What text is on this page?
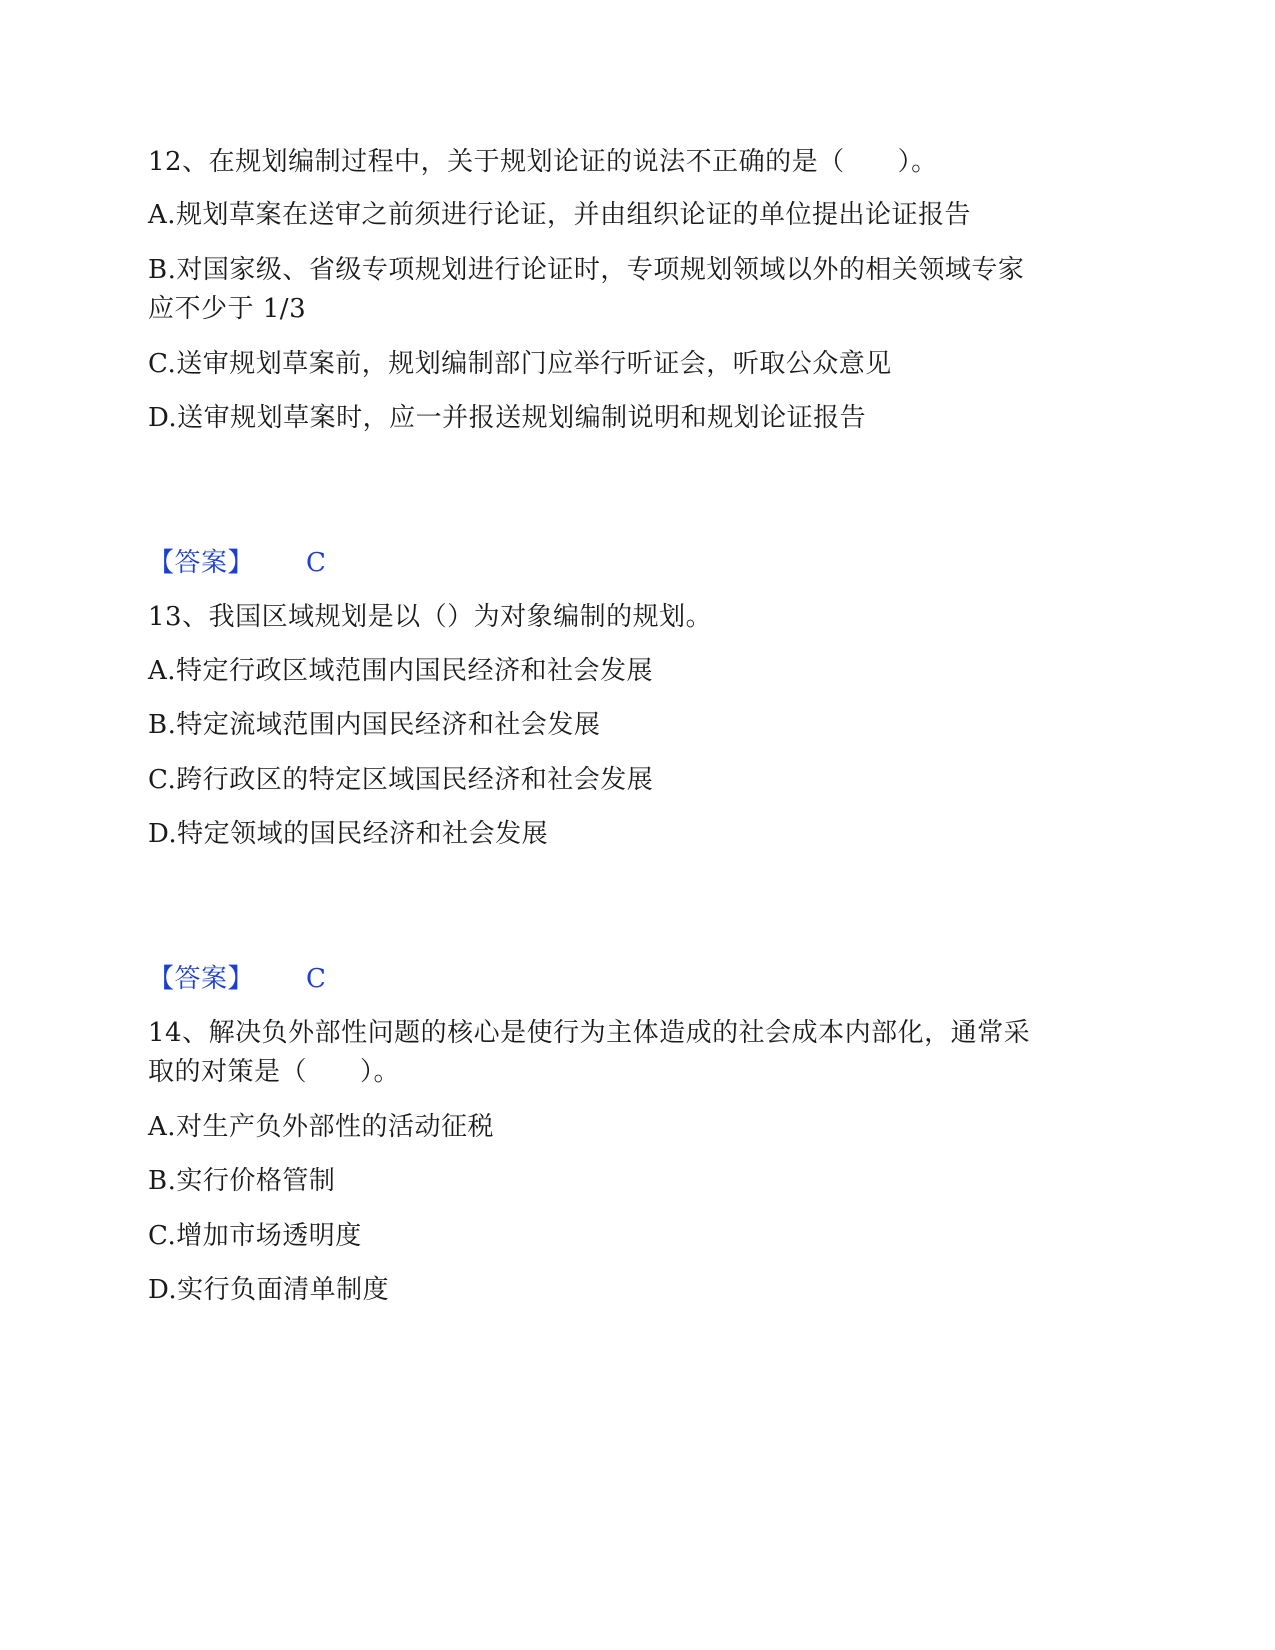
12、在规划编制过程中，关于规划论证的说法不正确的是（　　）。
A.规划草案在送审之前须进行论证，并由组织论证的单位提出论证报告
B.对国家级、省级专项规划进行论证时，专项规划领域以外的相关领域专家
应不少于 1/3
C.送审规划草案前，规划编制部门应举行听证会，听取公众意见
D.送审规划草案时，应一并报送规划编制说明和规划论证报告
【答案】 C
13、我国区域规划是以（）为对象编制的规划。
A.特定行政区域范围内国民经济和社会发展
B.特定流域范围内国民经济和社会发展
C.跨行政区的特定区域国民经济和社会发展
D.特定领域的国民经济和社会发展
【答案】 C
14、解决负外部性问题的核心是使行为主体造成的社会成本内部化，通常采
取的对策是（　　）。
A.对生产负外部性的活动征税
B.实行价格管制
C.增加市场透明度
D.实行负面清单制度
